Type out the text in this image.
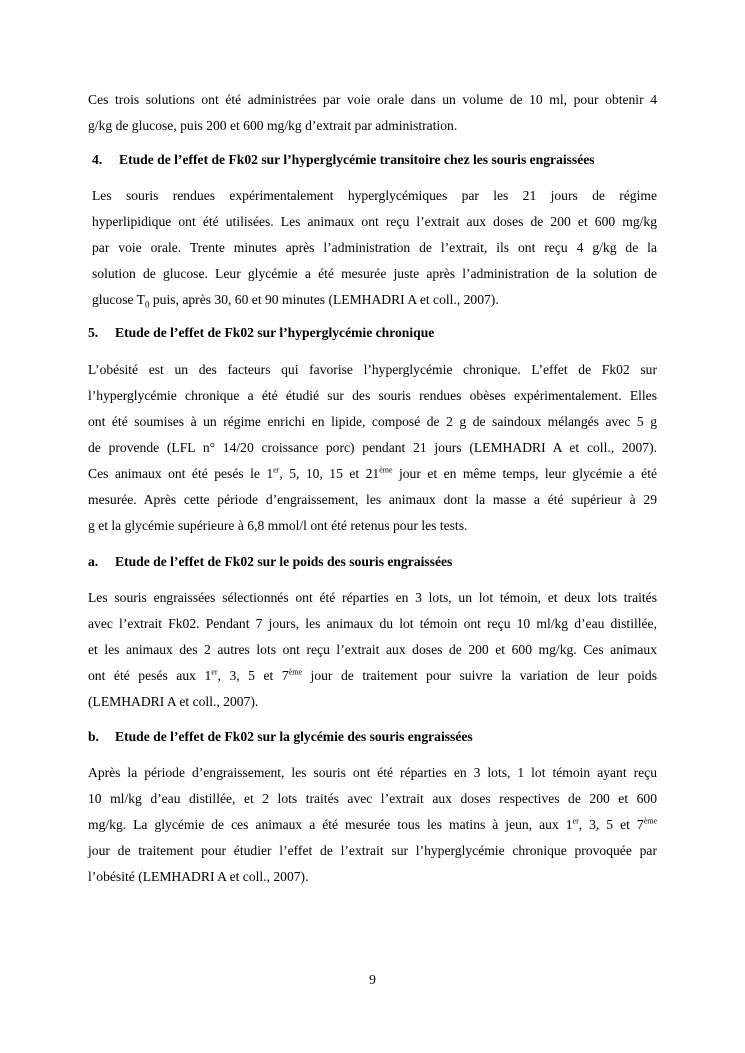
Ces trois solutions ont été administrées par voie orale dans un volume de 10 ml, pour obtenir 4
g/kg de glucose, puis 200 et 600 mg/kg d’extrait par administration.
4. Etude de l’effet de Fk02 sur l’hyperglycémie transitoire chez les souris engraissées
Les souris rendues expérimentalement hyperglycémiques par les 21 jours de régime
hyperlipidique ont été utilisées. Les animaux ont reçu l’extrait aux doses de 200 et 600 mg/kg
par voie orale. Trente minutes après l’administration de l’extrait, ils ont reçu 4 g/kg de la
solution de glucose. Leur glycémie a été mesurée juste après l’administration de la solution de
glucose $T_0$ puis, après 30, 60 et 90 minutes (LEMHADRI A et coll., 2007).
5. Etude de l’effet de Fk02 sur l’hyperglycémie chronique
L’obésité est un des facteurs qui favorise l’hyperglycémie chronique. L’effet de Fk02 sur
l’hyperglycémie chronique a été étudié sur des souris rendues obèses expérimentalement. Elles
ont été soumises à un régime enrichi en lipide, composé de 2 g de saindoux mélangés avec 5 g
de provende (LFL n° 14/20 croissance porc) pendant 21 jours (LEMHADRI A et coll., 2007).
Ces animaux ont été pesés le 1er, 5, 10, 15 et 21ème jour et en même temps, leur glycémie a été
mesurée. Après cette période d’engraissement, les animaux dont la masse a été supérieur à 29
g et la glycémie supérieure à 6,8 mmol/l ont été retenus pour les tests.
a. Etude de l’effet de Fk02 sur le poids des souris engraissées
Les souris engraissées sélectionnés ont été réparties en 3 lots, un lot témoin, et deux lots traités
avec l’extrait Fk02. Pendant 7 jours, les animaux du lot témoin ont reçu 10 ml/kg d’eau distillée,
et les animaux des 2 autres lots ont reçu l’extrait aux doses de 200 et 600 mg/kg. Ces animaux
ont été pesés aux 1er, 3, 5 et 7ème jour de traitement pour suivre la variation de leur poids
(LEMHADRI A et coll., 2007).
b. Etude de l’effet de Fk02 sur la glycémie des souris engraissées
Après la période d’engraissement, les souris ont été réparties en 3 lots, 1 lot témoin ayant reçu
10 ml/kg d’eau distillée, et 2 lots traités avec l’extrait aux doses respectives de 200 et 600
mg/kg. La glycémie de ces animaux a été mesurée tous les matins à jeun, aux 1er, 3, 5 et 7ème
jour de traitement pour étudier l’effet de l’extrait sur l’hyperglycémie chronique provoquée par
l’obésité (LEMHADRI A et coll., 2007).
9
